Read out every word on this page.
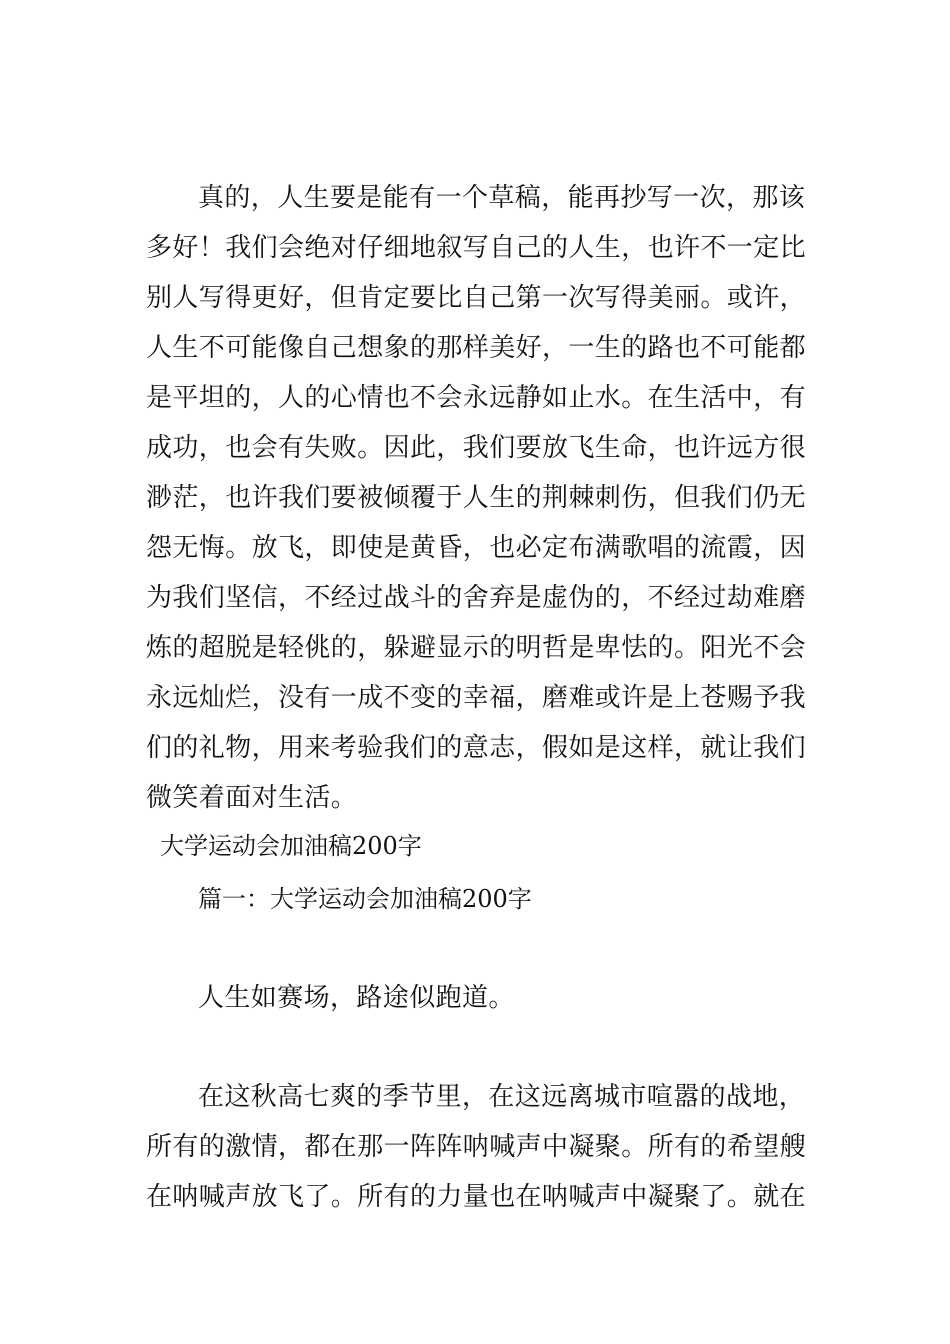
真的，人生要是能有一个草稿，能再抄写一次，那该
多好！我们会绝对仔细地叙写自己的人生，也许不一定比
别人写得更好，但肯定要比自己第一次写得美丽。或许，
人生不可能像自己想象的那样美好，一生的路也不可能都
是平坦的，人的心情也不会永远静如止水。在生活中，有
成功，也会有失败。因此，我们要放飞生命，也许远方很
渺茫，也许我们要被倾覆于人生的荆棘刺伤，但我们仍无
怨无悔。放飞，即使是黄昏，也必定布满歌唱的流霞，因
为我们坚信，不经过战斗的舍弃是虚伪的，不经过劫难磨
炼的超脱是轻佻的，躲避显示的明哲是卑怯的。阳光不会
永远灿烂，没有一成不变的幸福，磨难或许是上苍赐予我
们的礼物，用来考验我们的意志，假如是这样，就让我们
微笑着面对生活。
大学运动会加油稿200字
篇一：大学运动会加油稿200字
人生如赛场，路途似跑道。
在这秋高七爽的季节里，在这远离城市喧嚣的战地，
所有的激情，都在那一阵阵呐喊声中凝聚。所有的希望艘
在呐喊声放飞了。所有的力量也在呐喊声中凝聚了。就在
